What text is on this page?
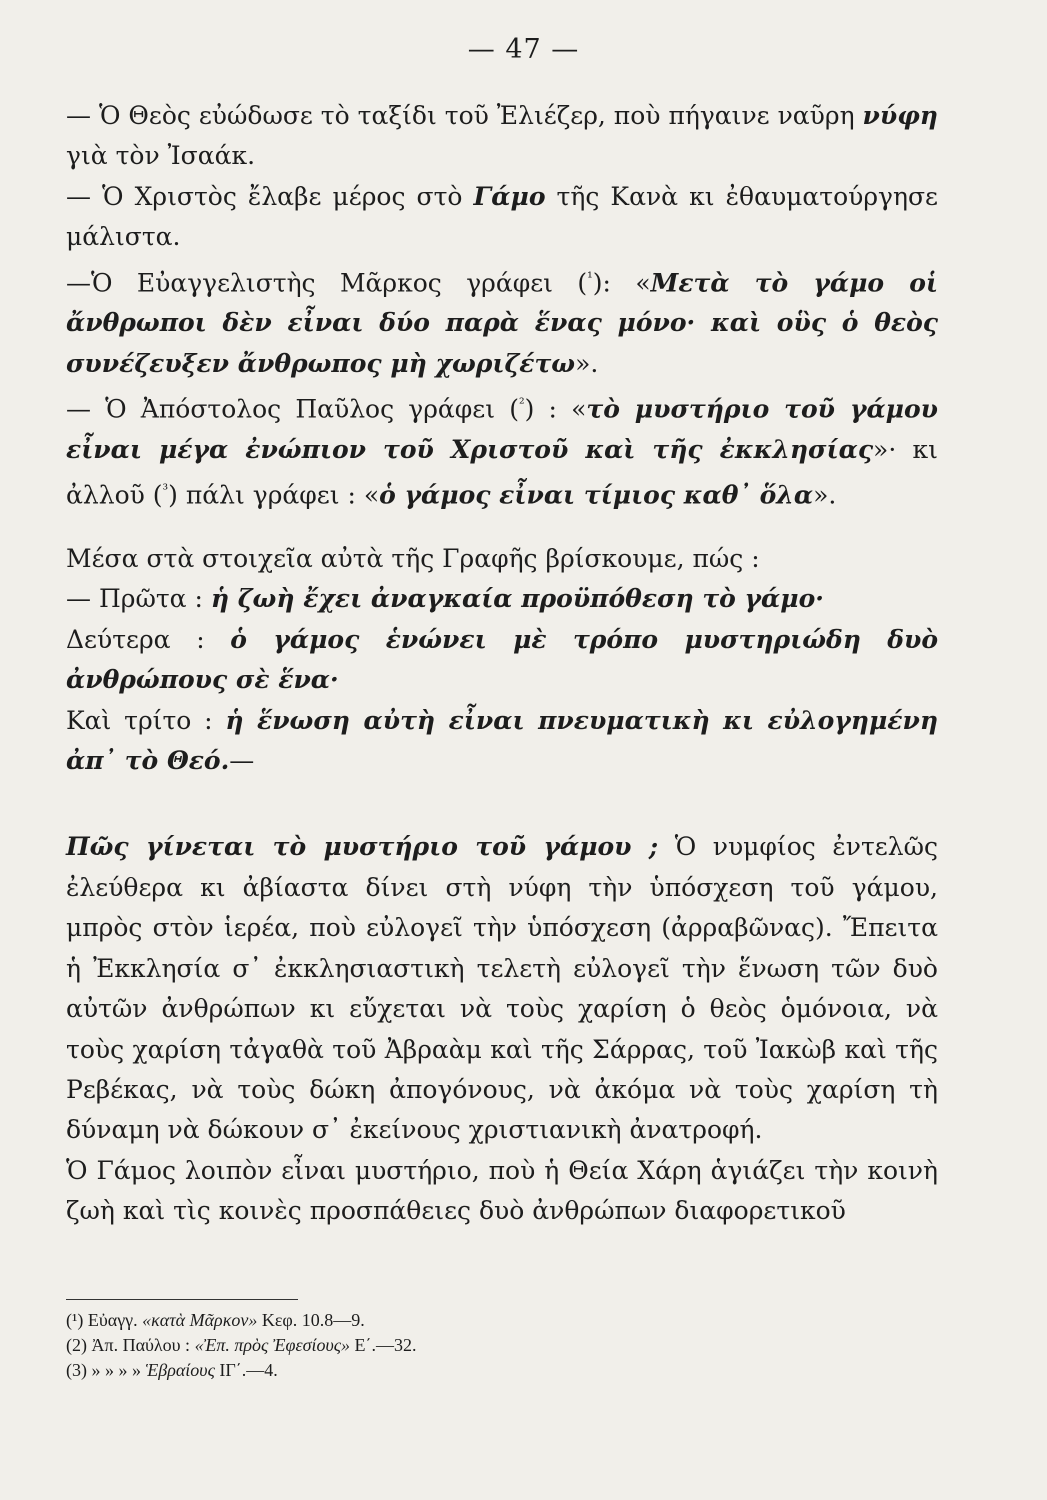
— 47 —

— Ὁ Θεὸς εὐώδωσε τὸ ταξίδι τοῦ Ἐλιέζερ, ποὺ πήγαινε ναῦρη νύφη γιὰ τὸν Ἰσαάκ.

— Ὁ Χριστὸς ἔλαβε μέρος στὸ Γάμο τῆς Κανὰ κι ἐθαυματούργησε μάλιστα.

—Ὁ Εὐαγγελιστὴς Μᾶρκος γράφει ($^{^1}$): «Μετὰ τὸ γάμο οἱ ἄνθρωποι δὲν εἶναι δύο παρὰ ἕνας μόνο· καὶ οὓς ὁ θεὸς συνέζευξεν ἄνθρωπος μὴ χωριζέτω».

— Ὁ Ἀπόστολος Παῦλος γράφει ($^{^2}$) : «τὸ μυστήριο τοῦ γάμου εἶναι μέγα ἐνώπιον τοῦ Χριστοῦ καὶ τῆς ἐκκλησίας»· κι ἀλλοῦ ($^{^3}$) πάλι γράφει : «ὁ γάμος εἶναι τίμιος καθ᾿ ὅλα».

Μέσα στὰ στοιχεῖα αὐτὰ τῆς Γραφῆς βρίσκουμε, πώς :

— Πρῶτα : ἡ ζωὴ ἔχει ἀναγκαία προϋπόθεση τὸ γάμο·

Δεύτερα : ὁ γάμος ἑνώνει μὲ τρόπο μυστηριώδη δυὸ ἀνθρώπους σὲ ἕνα·

Καὶ τρίτο : ἡ ἕνωση αὐτὴ εἶναι πνευματικὴ κι εὐλογημένη ἀπ᾿ τὸ Θεό.—

Πῶς γίνεται τὸ μυστήριο τοῦ γάμου ; Ὁ νυμφίος ἐντελῶς ἐλεύθερα κι ἀβίαστα δίνει στὴ νύφη τὴν ὑπόσχεση τοῦ γάμου, μπρὸς στὸν ἱερέα, ποὺ εὐλογεῖ τὴν ὑπόσχεση (ἀρραβῶνας). Ἔπειτα ἡ Ἐκκλησία σ᾿ ἐκκλησιαστικὴ τελετὴ εὐλογεῖ τὴν ἕνωση τῶν δυὸ αὐτῶν ἀνθρώπων κι εὔχεται νὰ τοὺς χαρίση ὁ θεὸς ὁμόνοια, νὰ τοὺς χαρίση τἀγαθὰ τοῦ Ἀβραὰμ καὶ τῆς Σάρρας, τοῦ Ἰακὼβ καὶ τῆς Ρεβέκας, νὰ τοὺς δώκη ἀπογόνους, νὰ ἀκόμα νὰ τοὺς χαρίση τὴ δύναμη νὰ δώκουν σ᾿ ἐκείνους χριστιανικὴ ἀνατροφή.

Ὁ Γάμος λοιπὸν εἶναι μυστήριο, ποὺ ἡ Θεία Χάρη ἁγιάζει τὴν κοινὴ ζωὴ καὶ τὶς κοινὲς προσπάθειες δυὸ ἀνθρώπων διαφορετικοῦ

(¹) Εὐαγγ. «κατὰ Μᾶρκον» Κεφ. 10.8—9.
(2) Ἀπ. Παύλου : «Ἐπ. πρὸς Ἐφεσίους» Ε΄.—32.
(3) » » » » Ἑβραίους ΙΓ΄.—4.
